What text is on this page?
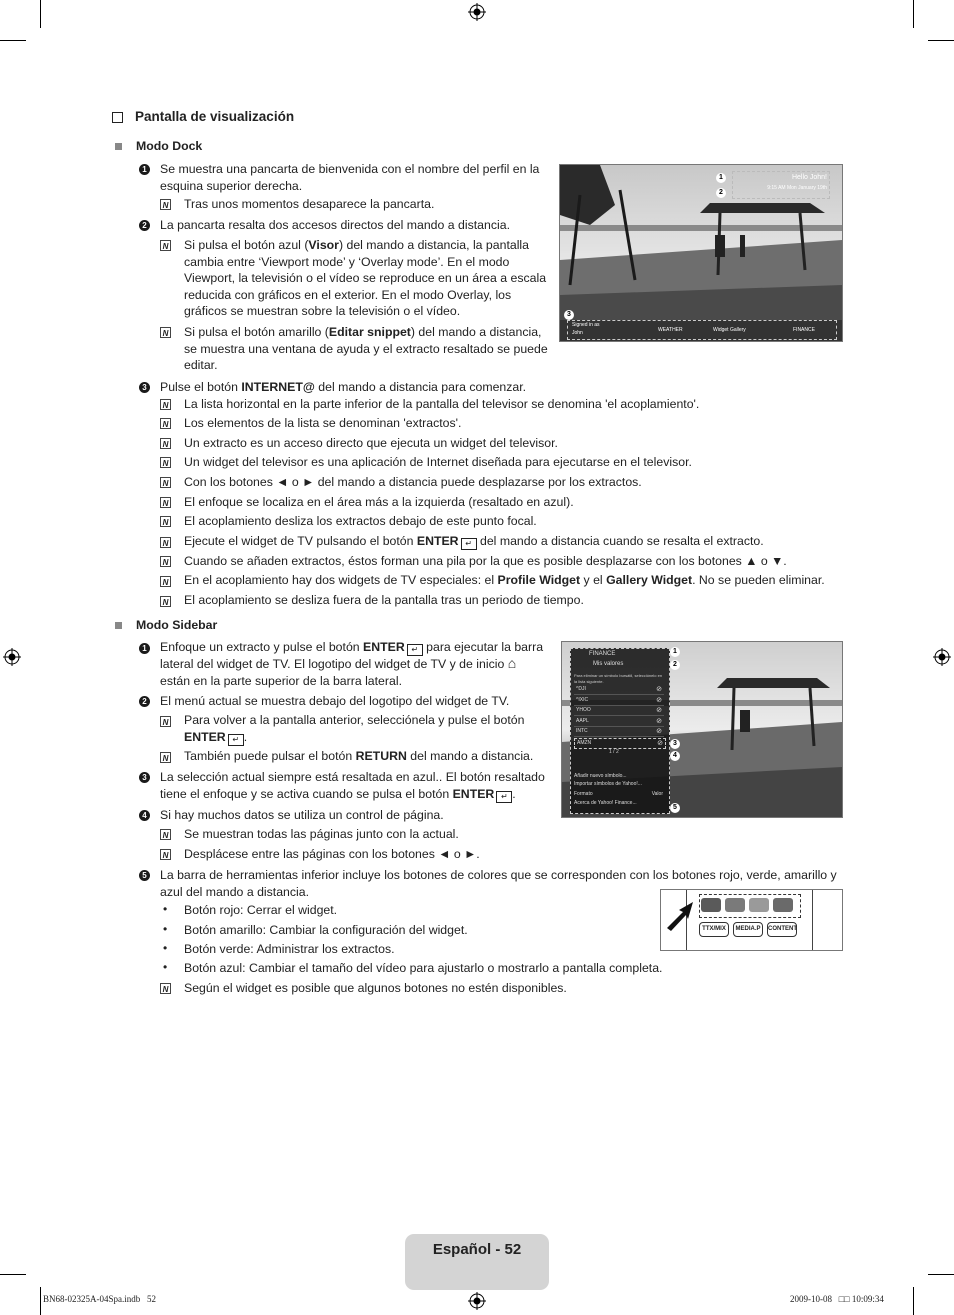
Pantalla de visualización
Modo Dock
1 Se muestra una pancarta de bienvenida con el nombre del perfil en la esquina superior derecha.
N Tras unos momentos desaparece la pancarta.
2 La pancarta resalta dos accesos directos del mando a distancia.
N Si pulsa el botón azul (Visor) del mando a distancia, la pantalla cambia entre ‘Viewport mode’ y ‘Overlay mode’. En el modo Viewport, la televisión o el vídeo se reproduce en un área a escala reducida con gráficos en el exterior. En el modo Overlay, los gráficos se muestran sobre la televisión o el vídeo.
N Si pulsa el botón amarillo (Editar snippet) del mando a distancia, se muestra una ventana de ayuda y el extracto resaltado se puede editar.
3 Pulse el botón INTERNET@ del mando a distancia para comenzar.
N La lista horizontal en la parte inferior de la pantalla del televisor se denomina 'el acoplamiento'.
N Los elementos de la lista se denominan 'extractos'.
N Un extracto es un acceso directo que ejecuta un widget del televisor.
N Un widget del televisor es una aplicación de Internet diseñada para ejecutarse en el televisor.
N Con los botones ◄ o ► del mando a distancia puede desplazarse por los extractos.
N El enfoque se localiza en el área más a la izquierda (resaltado en azul).
N El acoplamiento desliza los extractos debajo de este punto focal.
N Ejecute el widget de TV pulsando el botón ENTER ↵ del mando a distancia cuando se resalta el extracto.
N Cuando se añaden extractos, éstos forman una pila por la que es posible desplazarse con los botones ▲ o ▼.
N En el acoplamiento hay dos widgets de TV especiales: el Profile Widget y el Gallery Widget. No se pueden eliminar.
N El acoplamiento se desliza fuera de la pantalla tras un periodo de tiempo.
Hello John!
9:15 AM Mon January 19th
Signed in as
John	WEATHER	Widget Gallery	FINANCE
1
2
3
Modo Sidebar
1 Enfoque un extracto y pulse el botón ENTER ↵ para ejecutar la barra lateral del widget de TV. El logotipo del widget de TV y de inicio ⌂ están en la parte superior de la barra lateral.
2 El menú actual se muestra debajo del logotipo del widget de TV.
N Para volver a la pantalla anterior, selecciónela y pulse el botón ENTER ↵ .
N También puede pulsar el botón RETURN del mando a distancia.
3 La selección actual siempre está resaltada en azul.. El botón resaltado tiene el enfoque y se activa cuando se pulsa el botón ENTER ↵ .
4 Si hay muchos datos se utiliza un control de página.
N Se muestran todas las páginas junto con la actual.
N Desplácese entre las páginas con los botones ◄ o ►.
5 La barra de herramientas inferior incluye los botones de colores que se corresponden con los botones rojo, verde, amarillo y azul del mando a distancia.
• Botón rojo: Cerrar el widget.
• Botón amarillo: Cambiar la configuración del widget.
• Botón verde: Administrar los extractos.
• Botón azul: Cambiar el tamaño del vídeo para ajustarlo o mostrarlo a pantalla completa.
N Según el widget es posible que algunos botones no estén disponibles.
FINANCE
Mis valores
Para eliminar un símbolo bursátil, selecciónelo en la lista siguiente.
^DJI	⊘
^IXIC	⊘
YHOO	⊘
AAPL	⊘
INTC	⊘
AMZN	⊘
1 / 2
Añadir nuevo símbolo...
Importar símbolos de Yahoo!...
Formato	Valor
Acerca de Yahoo! Finance...
1
2
3
4
5
TTX/MIX	MEDIA.P	CONTENT
Español - 52
BN68-02325A-04Spa.indb   52	2009-10-08   □□ 10:09:34
